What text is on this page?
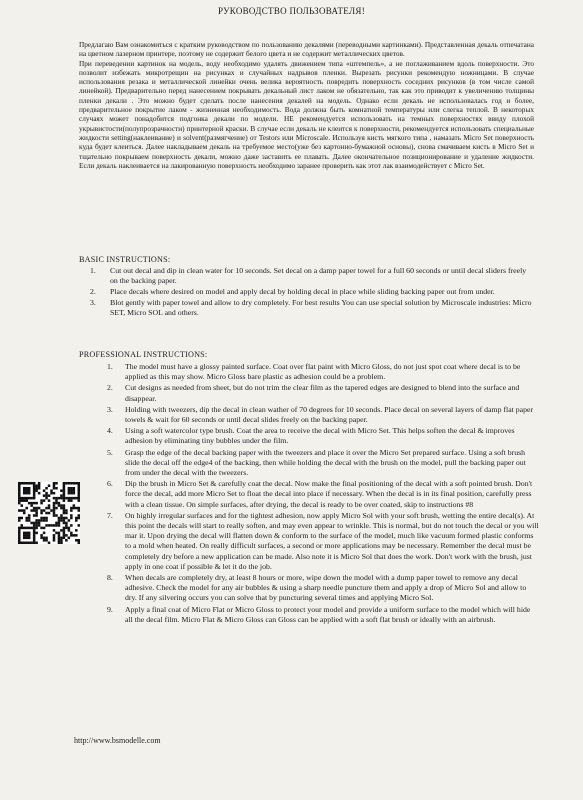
РУКОВОДСТВО ПОЛЬЗОВАТЕЛЯ!

Предлагаю Вам ознакомиться с кратким руководством по пользованию декалями (переводными картинками). Представленная декаль отпечатана на цветном лазерном принтере, поэтому не содержит белого цвета и не содержит металлических цветов.

При переведении картинок на модель, воду необходимо удалять движением типа «штемпель», а не поглаживанием вдоль поверхности. Это позволит избежать микротрещин на рисунках и случайных надрывов пленки. Вырезать рисунки рекомендую ножницами. В случае использования резака и металлической линейки очень велика вероятность повредить поверхность соседних рисунков (в том числе самой линейкой). Предварительно перед нанесением покрывать декальный лист лаком не обязательно, так как это приводит к увеличению толщины пленки декали . Это можно будет сделать после нанесения декалей на модель. Однако если декаль не использовалась год и более, предварительное покрытие лаком - жизненная необходимость. Вода должна быть комнатной температуры или слегка теплой. В некоторых случаях может понадобится подгонка декали по модели. НЕ рекомендуется использовать на темных поверхностях ввиду плохой укрывистости(полупрозрачности) принтерной краски. В случае если декаль не клеится к поверхности, рекомендуется использовать специальные жидкости setting(наклеивание) и solvent(размягчение) от Testors или Microscale. Используя кисть мягкого типа , намазать Micro Set поверхность куда будет клеиться. Далее накладываем декаль на требуемое место(уже без картонно-бумажной основы), снова смачиваем кисть в Micro Set и тщательно покрываем поверхность декали, можно даже заставить ее плавать. Далее окончательное позиционирование и удаление жидкости. Если декаль наклеивается на лакированную поверхность необходимо заранее проверить как этот лак взаимодействует с Micro Set.

BASIC INSTRUCTIONS:
1.	Cut out decal and dip in clean water for 10 seconds. Set decal on a damp paper towel for a full 60 seconds or until decal sliders freely on the backing paper.
2.	Place decals where desired on model and apply decal by holding decal in place while sliding backing paper out from under.
3.	Blot gently with paper towel and allow to dry completely. For best results You can use special solution by Microscale industries: Micro SET, Micro SOL and others.
PROFESSIONAL INSTRUCTIONS:
1.	The model must have a glossy painted surface. Coat over flat paint with Micro Gloss, do not just spot coat where decal is to be applied as this may show. Micro Gloss bare plastic as adhesion could be a problem.
2.	Cut designs as needed from sheet, but do not trim the clear film as the tapered edges are designed to blend into the surface and disappear.
3.	Holding with tweezers, dip the decal in clean wather of 70 degrees for 10 seconds. Place decal on several layers of damp flat paper towels & wait for 60 seconds or until decal slides freely on the backing paper.
4.	Using a soft watercolor type brush. Coat the area to receive the decal with Micro Set. This helps soften the decal & improves adhesion by eliminating tiny bubbles under the film.
5.	Grasp the edge of the decal backing paper with the tweezers and place it over the Micro Set prepared surface. Using a soft brush slide the decal off the edge4 of the backing, then while holding the decal with the brush on the model, pull the backing paper out from under the decal with the tweezers.
6.	Dip the brush in Micro Set & carefully coat the decal. Now make the final positioning of the decal with a soft pointed brush. Don't force the decal, add more Micro Set to float the decal into place if necessary. When the decal is in its final position, carefully press with a clean tissue. On simple surfaces, after drying, the decal is ready to be over coated, skip to instructions #8
7.	On highly irregular surfaces and for the tightest adhesion, now apply Micro Sol with your soft brush, wetting the entire decal(s). At this point the decals will start to really soften, and may even appear to wrinkle. This is normal, but do not touch the decal or you will mar it. Upon drying the decal will flatten down & conform to the surface of the model, much like vacuum formed plastic conforms to a mold when heated. On really difficult surfaces, a second or more applications may be necessary. Remember the decal must be completely dry before a new application can be made. Also note it is Micro Sol that does the work. Don't work with the brush, just apply in one coat if possible & let it do the job.
8.	When decals are completely dry, at least 8 hours or more, wipe down the model with a dump paper towel to remove any decal adhesive. Check the model for any air bubbles & using a sharp needle puncture them and apply a drop of Micro Sol and allow to dry. If any silvering occurs you can solve that by puncturing several times and applying Micro Sol.
9.	Apply a final coat of Micro Flat or Micro Gloss to protect your model and provide a uniform surface to the model which will hide all the decal film. Micro Flat & Micro Gloss can Gloss can be applied with a soft flat brush or ideally with an airbrush.
http://www.bsmodelle.com
